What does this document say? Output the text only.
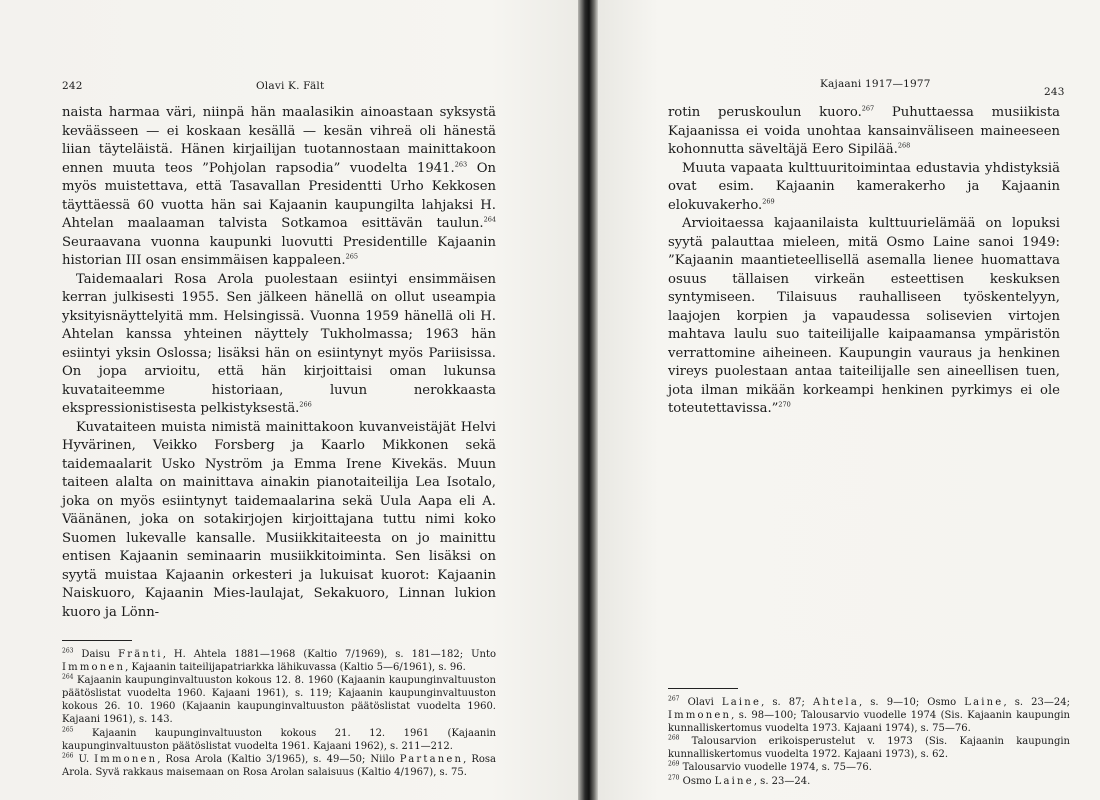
242	Olavi K. Fält

naista harmaa väri, niinpä hän maalasikin ainoastaan syksystä keväässeen — ei koskaan kesällä — kesän vihreä oli hänestä liian täyteläistä. Hänen kirjailijan tuotannostaan mainittakoon ennen muuta teos ”Pohjolan rapsodia” vuodelta 1941.$^{263}$ On myös muistettava, että Tasavallan Presidentti Urho Kekkosen täyttäessä 60 vuotta hän sai Kajaanin kaupungilta lahjaksi H. Ahtelan maalaaman talvista Sotkamoa esittävän taulun.$^{264}$ Seuraavana vuonna kaupunki luovutti Presidentille Kajaanin historian III osan ensimmäisen kappaleen.$^{265}$

Taidemaalari Rosa Arola puolestaan esiintyi ensimmäisen kerran julkisesti 1955. Sen jälkeen hänellä on ollut useampia yksityisnäyttelyitä mm. Helsingissä. Vuonna 1959 hänellä oli H. Ahtelan kanssa yhteinen näyttely Tukholmassa; 1963 hän esiintyi yksin Oslossa; lisäksi hän on esiintynyt myös Pariisissa. On jopa arvioitu, että hän kirjoittaisi oman lukunsa kuvataiteemme historiaan, luvun nerokkaasta ekspressionistisesta pelkistyksestä.$^{266}$

Kuvataiteen muista nimistä mainittakoon kuvanveistäjät Helvi Hyvärinen, Veikko Forsberg ja Kaarlo Mikkonen sekä taidemaalarit Usko Nyström ja Emma Irene Kivekäs. Muun taiteen alalta on mainittava ainakin pianotaiteilija Lea Isotalo, joka on myös esiintynyt taidemaalarina sekä Uula Aapa eli A. Väänänen, joka on sotakirjojen kirjoittajana tuttu nimi koko Suomen lukevalle kansalle. Musiikkitaiteesta on jo mainittu entisen Kajaanin seminaarin musiikkitoiminta. Sen lisäksi on syytä muistaa Kajaanin orkesteri ja lukuisat kuorot: Kajaanin Naiskuoro, Kajaanin Mies-laulajat, Sekakuoro, Linnan lukion kuoro ja Lönn-

$^{263}$ Daisu Fränti, H. Ahtela 1881—1968 (Kaltio 7/1969), s. 181—182; Unto Immonen, Kajaanin taiteilijapatriarkka lähikuvassa (Kaltio 5—6/1961), s. 96.

$^{264}$ Kajaanin kaupunginvaltuuston kokous 12. 8. 1960 (Kajaanin kaupunginvaltuuston päätöslistat vuodelta 1960. Kajaani 1961), s. 119; Kajaanin kaupunginvaltuuston kokous 26. 10. 1960 (Kajaanin kaupunginvaltuuston päätöslistat vuodelta 1960. Kajaani 1961), s. 143.

$^{265}$ Kajaanin kaupunginvaltuuston kokous 21. 12. 1961 (Kajaanin kaupunginvaltuuston päätöslistat vuodelta 1961. Kajaani 1962), s. 211—212.

$^{266}$ U. Immonen, Rosa Arola (Kaltio 3/1965), s. 49—50; Niilo Partanen, Rosa Arola. Syvä rakkaus maisemaan on Rosa Arolan salaisuus (Kaltio 4/1967), s. 75.

Kajaani 1917—1977
243

rotin peruskoulun kuoro.$^{267}$ Puhuttaessa musiikista Kajaanissa ei voida unohtaa kansainväliseen maineeseen kohonnutta säveltäjä Eero Sipilää.$^{268}$

Muuta vapaata kulttuuritoimintaa edustavia yhdistyksiä ovat esim. Kajaanin kamerakerho ja Kajaanin elokuvakerho.$^{269}$

Arvioitaessa kajaanilaista kulttuurielämää on lopuksi syytä palauttaa mieleen, mitä Osmo Laine sanoi 1949: ”Kajaanin maantieteellisellä asemalla lienee huomattava osuus tällaisen virkeän esteettisen keskuksen syntymiseen. Tilaisuus rauhalliseen työskentelyyn, laajojen korpien ja vapaudessa solisevien virtojen mahtava laulu suo taiteilijalle kaipaamansa ympäristön verrattomine aiheineen. Kaupungin vauraus ja henkinen vireys puolestaan antaa taiteilijalle sen aineellisen tuen, jota ilman mikään korkeampi henkinen pyrkimys ei ole toteutettavissa.”$^{270}$

$^{267}$ Olavi Laine, s. 87; Ahtela, s. 9—10; Osmo Laine, s. 23—24; Immonen, s. 98—100; Talousarvio vuodelle 1974 (Sis. Kajaanin kaupungin kunnalliskertomus vuodelta 1973. Kajaani 1974), s. 75—76.

$^{268}$ Talousarvion erikoisperustelut v. 1973 (Sis. Kajaanin kaupungin kunnalliskertomus vuodelta 1972. Kajaani 1973), s. 62.

$^{269}$ Talousarvio vuodelle 1974, s. 75—76.

$^{270}$ Osmo Laine, s. 23—24.
